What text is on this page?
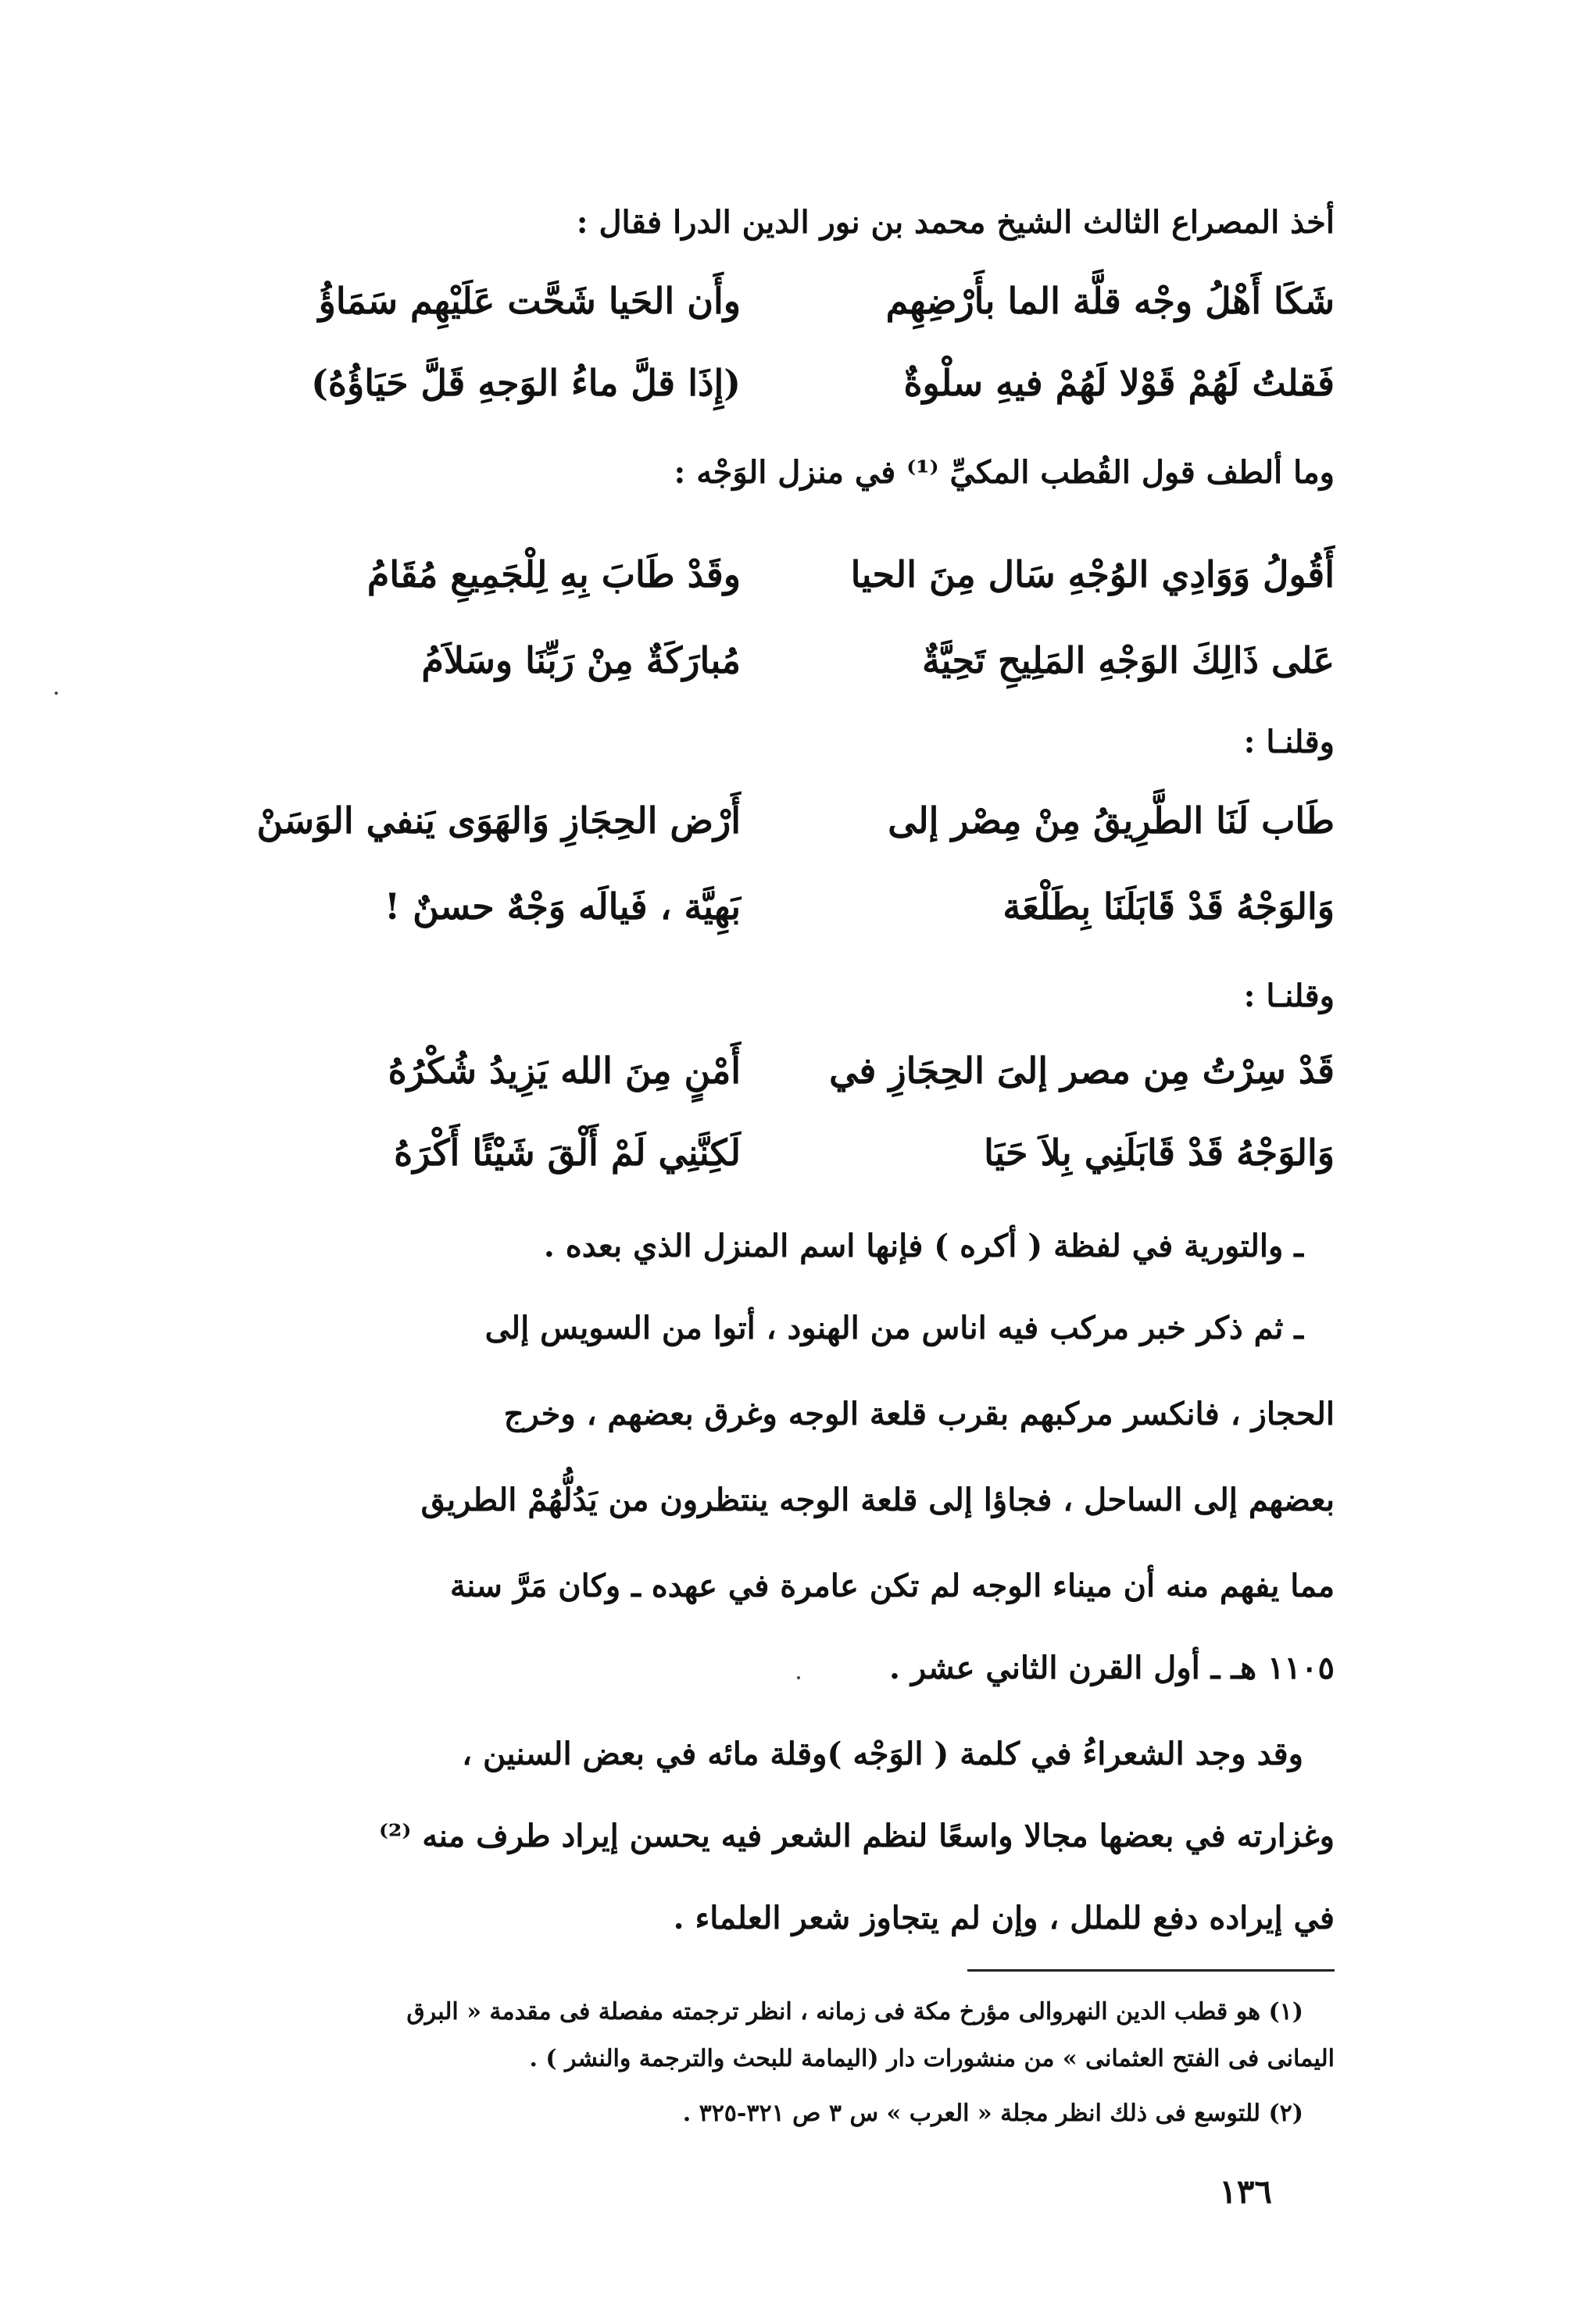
أخذ المصراع الثالث الشيخ محمد بن نور الدين الدرا فقال :
شَكَا أَهْلُ وجْه قلَّة الما بأَرْضِهِم
وأَن الحَيا شَحَّت عَلَيْهِم سَمَاؤُ
فَقلتُ لَهُمْ قَوْلا لَهُمْ فيهِ سلْوةٌ
(إِذَا قلَّ ماءُ الوَجهِ قَلَّ حَيَاؤُهُ)
وما ألطف قول القُطب المكيِّ ⁽¹⁾ في منزل الوَجْه :
أَقُولُ وَوَادِي الوُجْهِ سَال مِنَ الحيا
وقَدْ طَابَ بِهِ لِلْجَمِيعِ مُقَامُ
عَلى ذَالِكَ الوَجْهِ المَلِيحِ تَحِيَّةٌ
مُبارَكَةٌ مِنْ رَبِّنَا وسَلاَمُ
وقلنـا :
طَاب لَنَا الطَّرِيقُ مِنْ مِصْر إلى
أَرْض الحِجَازِ وَالهَوَى يَنفي الوَسَنْ
وَالوَجْهُ قَدْ قَابَلَنَا بِطَلْعَة
بَهِيَّة ، فَيالَه وَجْهٌ حسنٌ !
وقلنـا :
قَدْ سِرْتُ مِن مصر إلىَ الحِجَازِ في
أَمْنٍ مِنَ الله يَزِيدُ شُكْرُهُ
وَالوَجْهُ قَدْ قَابَلَنِي بِلاَ حَيَا
لَكِنَّنِي لَمْ أَلْقَ شَيْئًا أَكْرَهُ
ـ والتورية في لفظة ( أكره ) فإنها اسم المنزل الذي بعده .
ـ ثم ذكر خبر مركب فيه اناس من الهنود ، أتوا من السويس إلى
الحجاز ، فانكسر مركبهم بقرب قلعة الوجه وغرق بعضهم ، وخرج
بعضهم إلى الساحل ، فجاؤا إلى قلعة الوجه ينتظرون من يَدُلُّهُمْ الطريق
مما يفهم منه أن ميناء الوجه لم تكن عامرة في عهده ـ وكان مَرَّ سنة
١١٠٥ هـ ـ أول القرن الثاني عشر .
وقد وجد الشعراءُ في كلمة ( الوَجْه )وقلة مائه في بعض السنين ،
وغزارته في بعضها مجالا واسعًا لنظم الشعر فيه يحسن إيراد طرف منه ⁽²⁾
في إيراده دفع للملل ، وإن لم يتجاوز شعر العلماء .
(١) هو قطب الدين النهروالى مؤرخ مكة فى زمانه ، انظر ترجمته مفصلة فى مقدمة « البرق
اليمانى فى الفتح العثمانى » من منشورات دار (اليمامة للبحث والترجمة والنشر ) .
(٢) للتوسع فى ذلك انظر مجلة « العرب » س ٣ ص ٣٢١-٣٢٥ .
١٣٦
